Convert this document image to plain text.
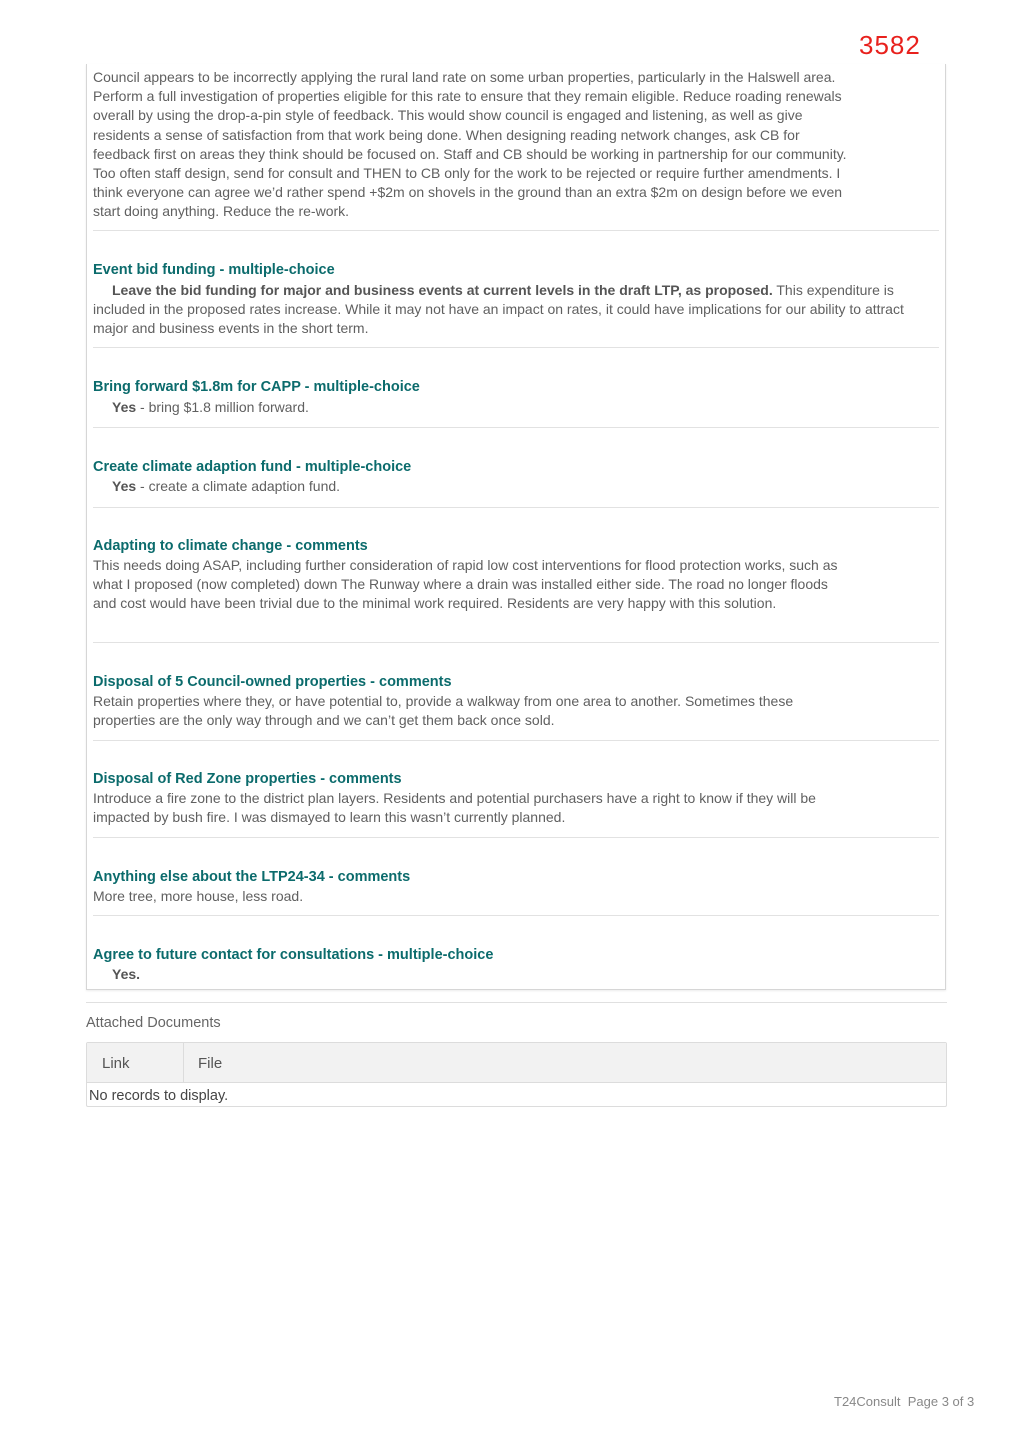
3582
Council appears to be incorrectly applying the rural land rate on some urban properties, particularly in the Halswell area. Perform a full investigation of properties eligible for this rate to ensure that they remain eligible. Reduce roading renewals overall by using the drop-a-pin style of feedback. This would show council is engaged and listening, as well as give residents a sense of satisfaction from that work being done. When designing reading network changes, ask CB for feedback first on areas they think should be focused on. Staff and CB should be working in partnership for our community. Too often staff design, send for consult and THEN to CB only for the work to be rejected or require further amendments. I think everyone can agree we’d rather spend +$2m on shovels in the ground than an extra $2m on design before we even start doing anything. Reduce the re-work.
Event bid funding - multiple-choice
Leave the bid funding for major and business events at current levels in the draft LTP, as proposed. This expenditure is included in the proposed rates increase. While it may not have an impact on rates, it could have implications for our ability to attract major and business events in the short term.
Bring forward $1.8m for CAPP - multiple-choice
Yes - bring $1.8 million forward.
Create climate adaption fund - multiple-choice
Yes - create a climate adaption fund.
Adapting to climate change - comments
This needs doing ASAP, including further consideration of rapid low cost interventions for flood protection works, such as what I proposed (now completed) down The Runway where a drain was installed either side. The road no longer floods and cost would have been trivial due to the minimal work required. Residents are very happy with this solution.
Disposal of 5 Council-owned properties - comments
Retain properties where they, or have potential to, provide a walkway from one area to another. Sometimes these properties are the only way through and we can’t get them back once sold.
Disposal of Red Zone properties - comments
Introduce a fire zone to the district plan layers. Residents and potential purchasers have a right to know if they will be impacted by bush fire. I was dismayed to learn this wasn’t currently planned.
Anything else about the LTP24-34 - comments
More tree, more house, less road.
Agree to future contact for consultations - multiple-choice
Yes.
Attached Documents
Link	File
No records to display.
T24Consult Page 3 of 3
